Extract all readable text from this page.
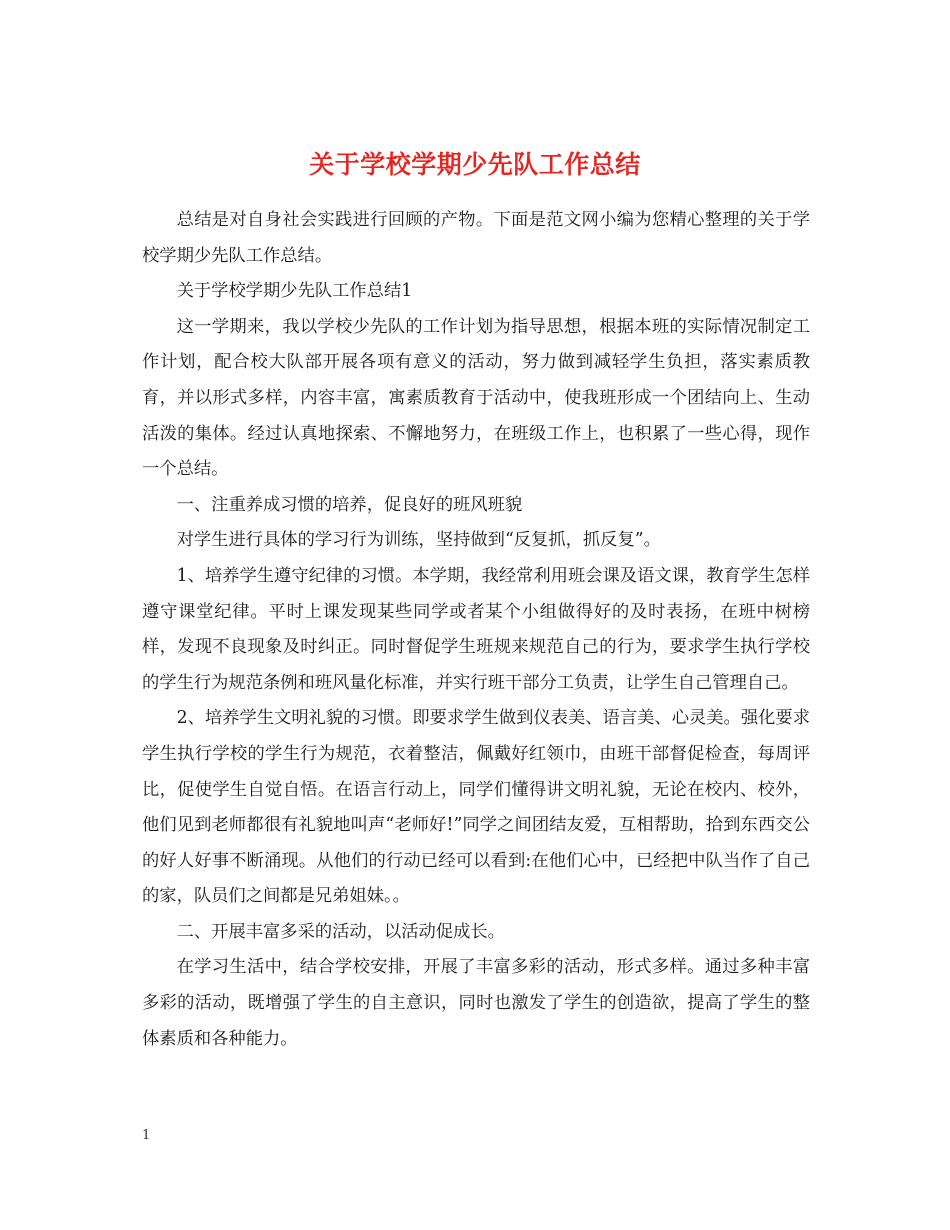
关于学校学期少先队工作总结

总结是对自身社会实践进行回顾的产物。下面是范文网小编为您精心整理的关于学校学期少先队工作总结。

关于学校学期少先队工作总结1

这一学期来，我以学校少先队的工作计划为指导思想，根据本班的实际情况制定工作计划，配合校大队部开展各项有意义的活动，努力做到减轻学生负担，落实素质教育，并以形式多样，内容丰富，寓素质教育于活动中，使我班形成一个团结向上、生动活泼的集体。经过认真地探索、不懈地努力，在班级工作上，也积累了一些心得，现作一个总结。

一、注重养成习惯的培养，促良好的班风班貌

对学生进行具体的学习行为训练，坚持做到“反复抓，抓反复”。

1、培养学生遵守纪律的习惯。本学期，我经常利用班会课及语文课，教育学生怎样遵守课堂纪律。平时上课发现某些同学或者某个小组做得好的及时表扬，在班中树榜样，发现不良现象及时纠正。同时督促学生班规来规范自己的行为，要求学生执行学校的学生行为规范条例和班风量化标准，并实行班干部分工负责，让学生自己管理自己。

2、培养学生文明礼貌的习惯。即要求学生做到仪表美、语言美、心灵美。强化要求学生执行学校的学生行为规范，衣着整洁，佩戴好红领巾，由班干部督促检查，每周评比，促使学生自觉自悟。在语言行动上，同学们懂得讲文明礼貌，无论在校内、校外，他们见到老师都很有礼貌地叫声“老师好!”同学之间团结友爱，互相帮助，拾到东西交公的好人好事不断涌现。从他们的行动已经可以看到:在他们心中，已经把中队当作了自己的家，队员们之间都是兄弟姐妹。。

二、开展丰富多采的活动，以活动促成长。

在学习生活中，结合学校安排，开展了丰富多彩的活动，形式多样。通过多种丰富多彩的活动，既增强了学生的自主意识，同时也激发了学生的创造欲，提高了学生的整体素质和各种能力。

1
